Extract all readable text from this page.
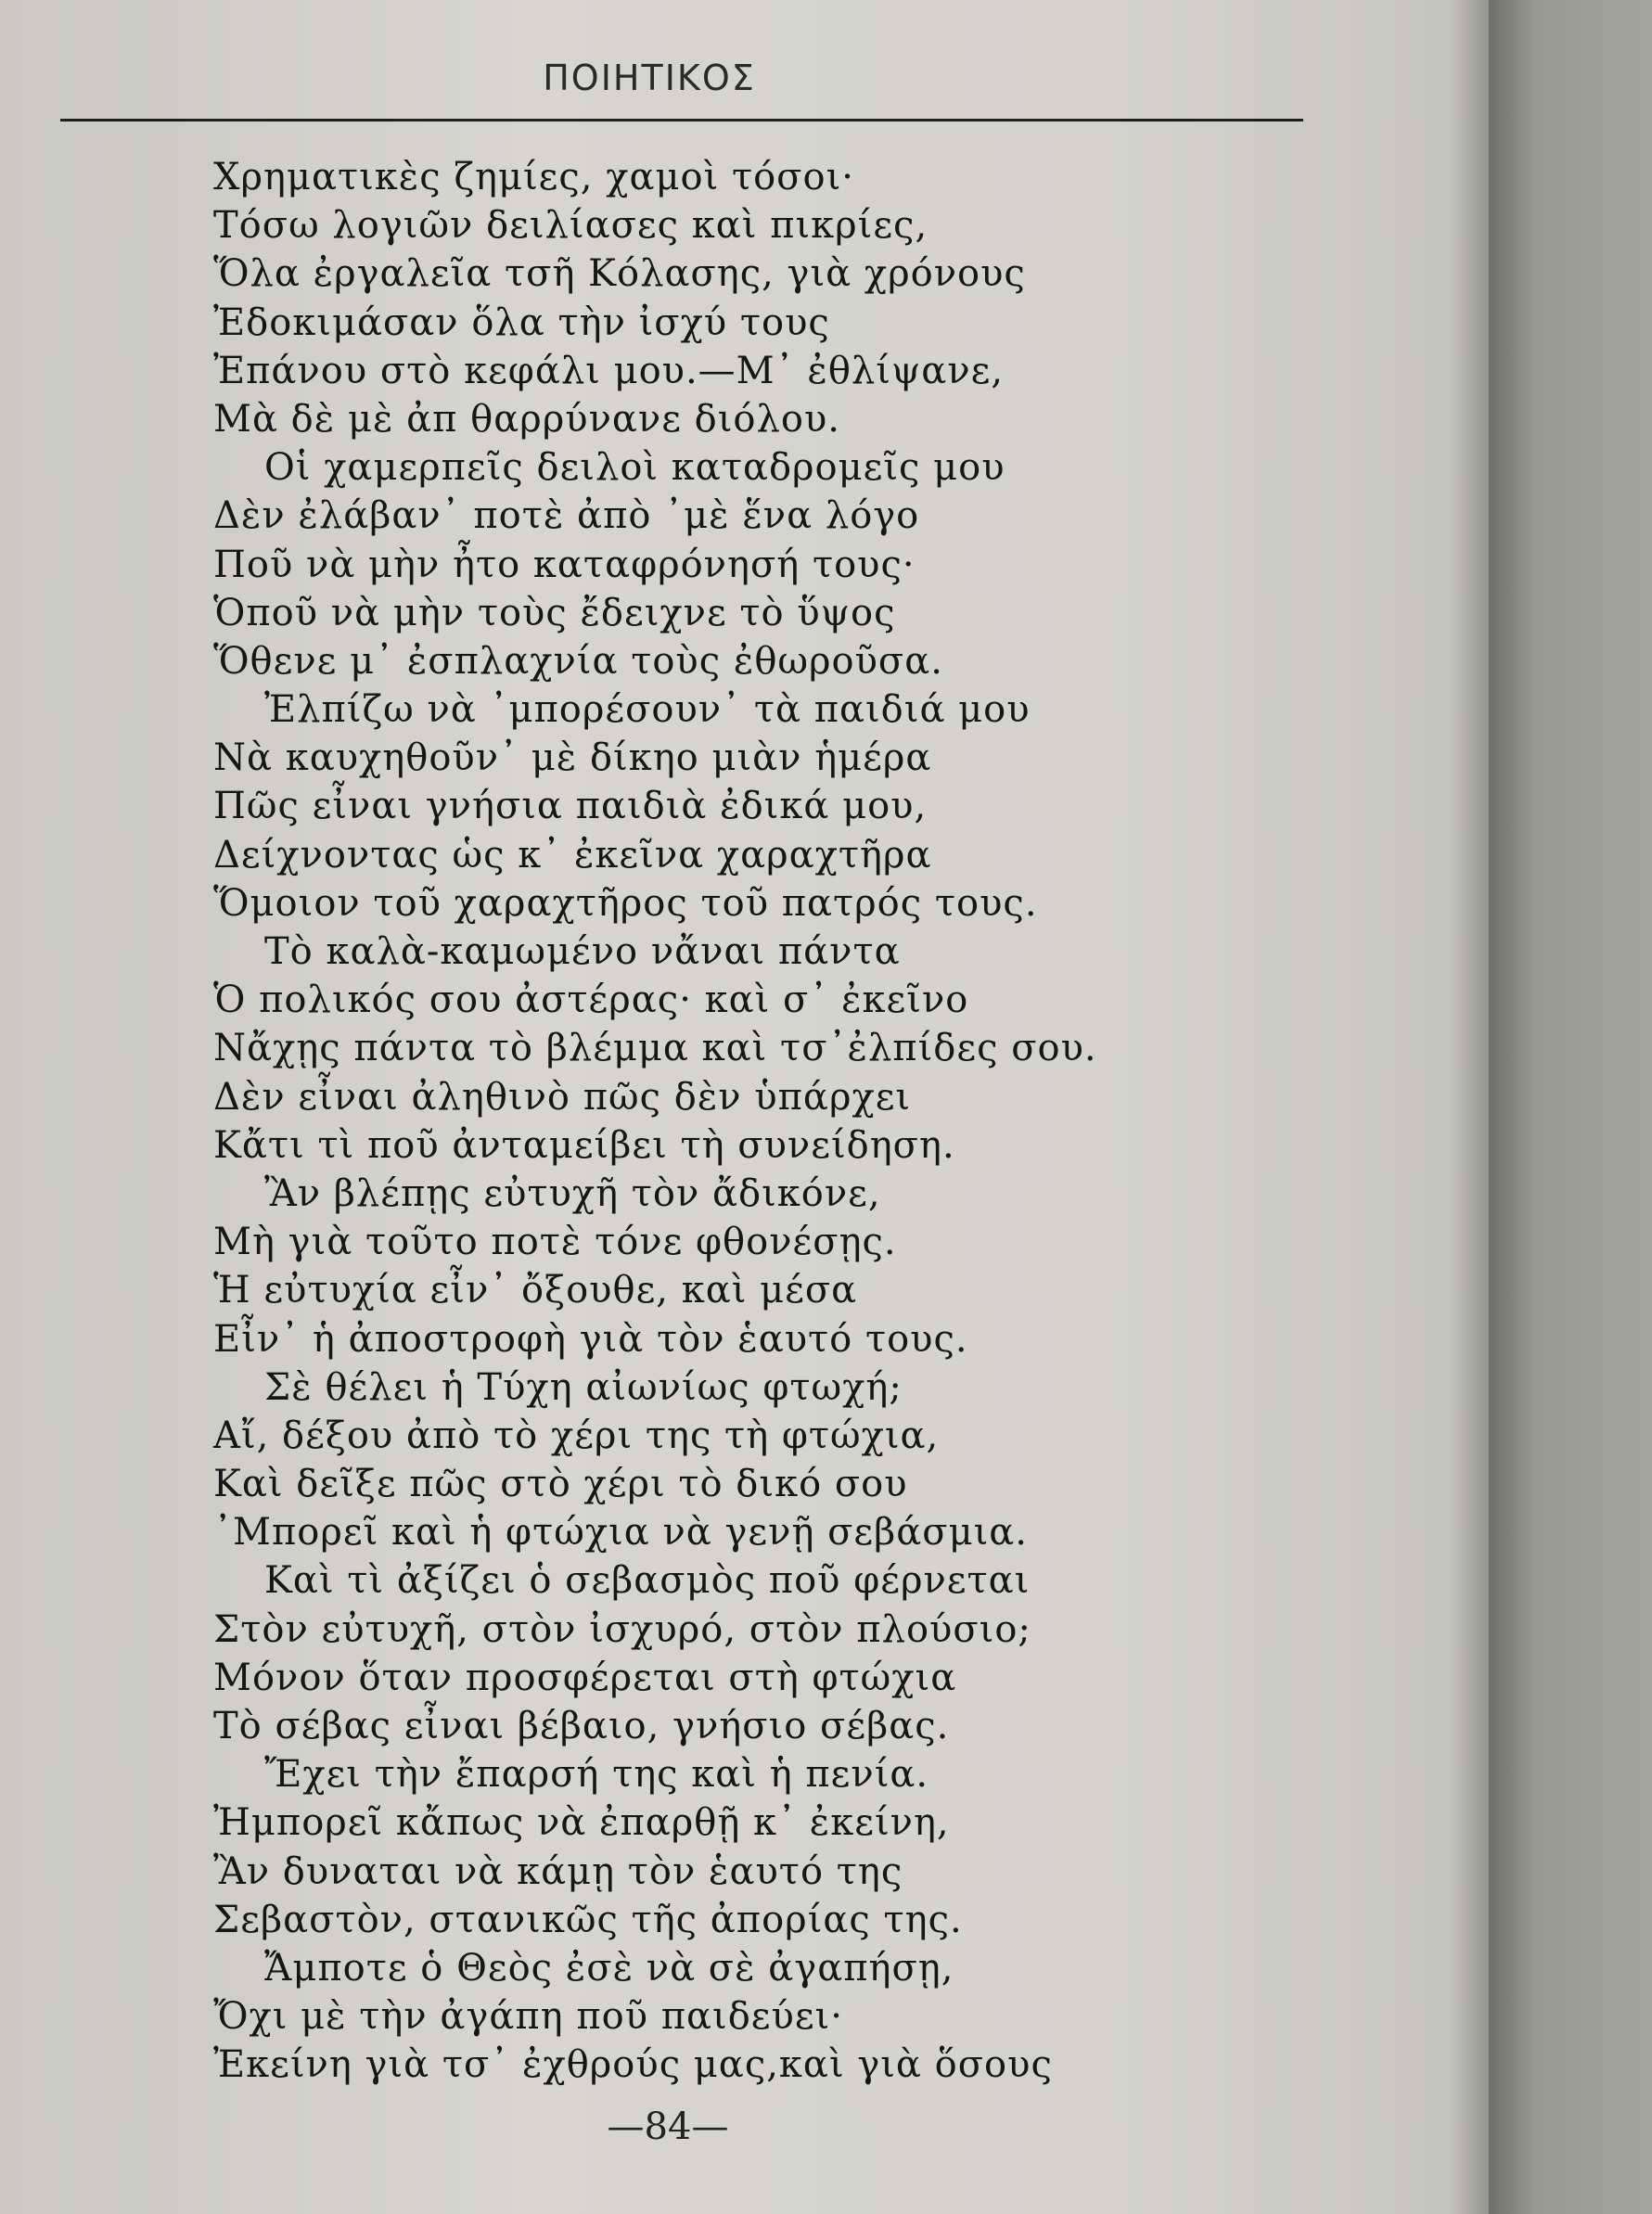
ΠΟΙΗΤΙΚΟΣ
Χρηματικὲς ζημίες, χαμοὶ τόσοι·
Τόσω λογιῶν δειλίασες καὶ πικρίες,
Ὅλα ἐργαλεῖα τσῆ Κόλασης, γιὰ χρόνους
Ἐδοκιμάσαν ὅλα τὴν ἰσχύ τους
Ἐπάνου στὸ κεφάλι μου.—Μ᾽ ἐθλίψανε,
Μὰ δὲ μὲ ἀπ θαρρύνανε διόλου.
Οἱ χαμερπεῖς δειλοὶ καταδρομεῖς μου
Δὲν ἐλάβαν᾽ ποτὲ ἀπὸ ᾽μὲ ἕνα λόγο
Ποῦ νὰ μὴν ἦτο καταφρόνησή τους·
Ὁποῦ νὰ μὴν τοὺς ἔδειχνε τὸ ὕψος
Ὅθενε μ᾽ ἐσπλαχνία τοὺς ἐθωροῦσα.
Ἐλπίζω νὰ ᾽μπορέσουν᾽ τὰ παιδιά μου
Νὰ καυχηθοῦν᾽ μὲ δίκηο μιὰν ἡμέρα
Πῶς εἶναι γνήσια παιδιὰ ἐδικά μου,
Δείχνοντας ὡς κ᾽ ἐκεῖνα χαραχτῆρα
Ὅμοιον τοῦ χαραχτῆρος τοῦ πατρός τους.
Τὸ καλὰ-καμωμένο νἄναι πάντα
Ὁ πολικός σου ἀστέρας· καὶ σ᾽ ἐκεῖνο
Νἄχῃς πάντα τὸ βλέμμα καὶ τσ᾽ἐλπίδες σου.
Δὲν εἶναι ἀληθινὸ πῶς δὲν ὑπάρχει
Κἄτι τὶ ποῦ ἀνταμείβει τὴ συνείδηση.
Ἂν βλέπῃς εὐτυχῆ τὸν ἄδικόνε,
Μὴ γιὰ τοῦτο ποτὲ τόνε φθονέσῃς.
Ἡ εὐτυχία εἶν᾽ ὄξουθε, καὶ μέσα
Εἶν᾽ ἡ ἀποστροφὴ γιὰ τὸν ἑαυτό τους.
Σὲ θέλει ἡ Τύχη αἰωνίως φτωχή;
Αἴ, δέξου ἀπὸ τὸ χέρι της τὴ φτώχια,
Καὶ δεῖξε πῶς στὸ χέρι τὸ δικό σου
᾽Μπορεῖ καὶ ἡ φτώχια νὰ γενῇ σεβάσμια.
Καὶ τὶ ἀξίζει ὁ σεβασμὸς ποῦ φέρνεται
Στὸν εὐτυχῆ, στὸν ἰσχυρό, στὸν πλούσιο;
Μόνον ὅταν προσφέρεται στὴ φτώχια
Τὸ σέβας εἶναι βέβαιο, γνήσιο σέβας.
Ἔχει τὴν ἔπαρσή της καὶ ἡ πενία.
Ἠμπορεῖ κἄπως νὰ ἐπαρθῇ κ᾽ ἐκείνη,
Ἂν δυναται νὰ κάμῃ τὸν ἑαυτό της
Σεβαστὸν, στανικῶς τῆς ἀπορίας της.
Ἄμποτε ὁ Θεὸς ἐσὲ νὰ σὲ ἀγαπήσῃ,
Ὄχι μὲ τὴν ἀγάπη ποῦ παιδεύει·
Ἐκείνη γιὰ τσ᾽ ἐχθρούς μας,καὶ γιὰ ὅσους
—84—
